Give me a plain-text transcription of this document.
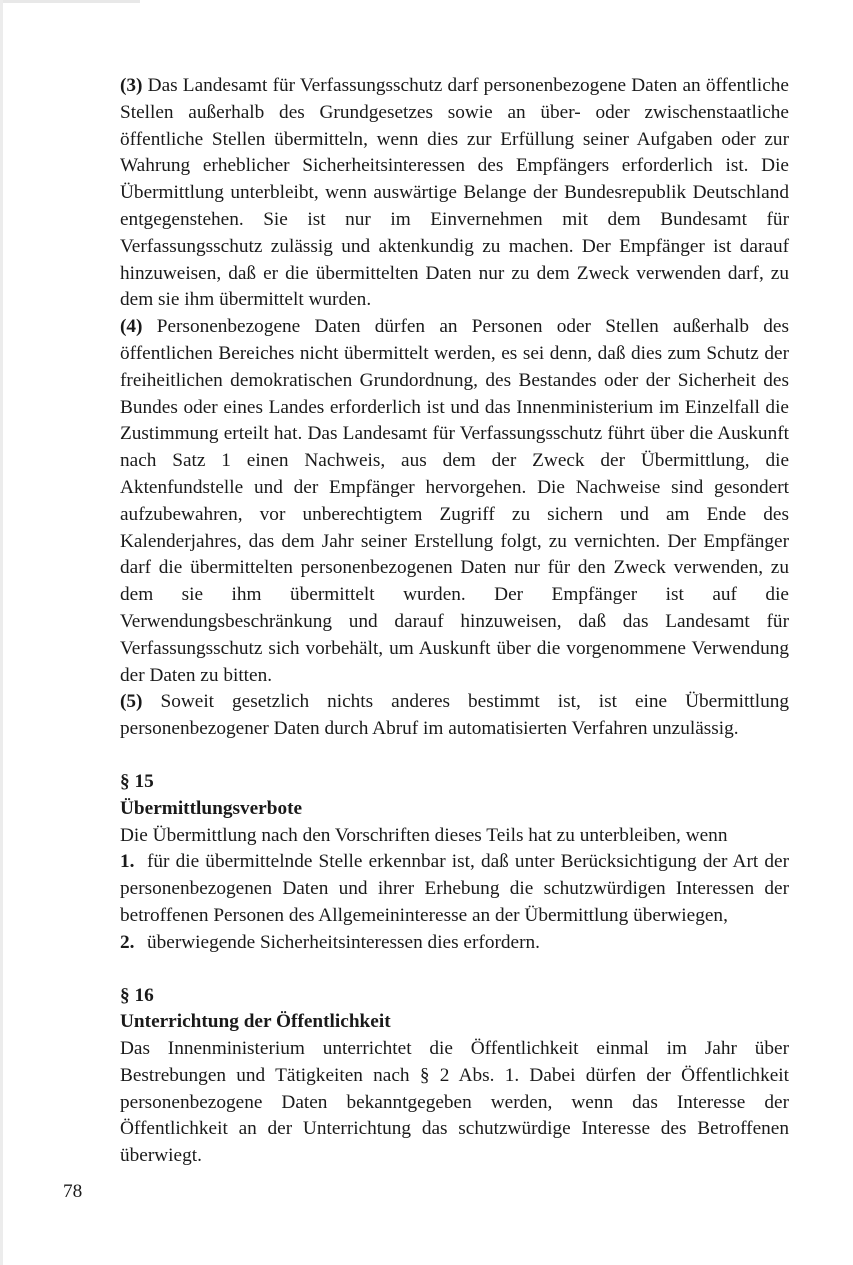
(3) Das Landesamt für Verfassungsschutz darf personenbezogene Daten an öffentliche Stellen außerhalb des Grundgesetzes sowie an über- oder zwischenstaatliche öffentliche Stellen übermitteln, wenn dies zur Erfüllung seiner Aufgaben oder zur Wahrung erheblicher Sicherheitsinteressen des Empfängers erforderlich ist. Die Übermittlung unterbleibt, wenn auswärtige Belange der Bundesrepublik Deutschland entgegenstehen. Sie ist nur im Einvernehmen mit dem Bundesamt für Verfassungsschutz zulässig und aktenkundig zu machen. Der Empfänger ist darauf hinzuweisen, daß er die übermittelten Daten nur zu dem Zweck verwenden darf, zu dem sie ihm übermittelt wurden.

(4) Personenbezogene Daten dürfen an Personen oder Stellen außerhalb des öffentlichen Bereiches nicht übermittelt werden, es sei denn, daß dies zum Schutz der freiheitlichen demokratischen Grundordnung, des Bestandes oder der Sicherheit des Bundes oder eines Landes erforderlich ist und das Innenministerium im Einzelfall die Zustimmung erteilt hat. Das Landesamt für Verfassungsschutz führt über die Auskunft nach Satz 1 einen Nachweis, aus dem der Zweck der Übermittlung, die Aktenfundstelle und der Empfänger hervorgehen. Die Nachweise sind gesondert aufzubewahren, vor unberechtigtem Zugriff zu sichern und am Ende des Kalenderjahres, das dem Jahr seiner Erstellung folgt, zu vernichten. Der Empfänger darf die übermittelten personenbezogenen Daten nur für den Zweck verwenden, zu dem sie ihm übermittelt wurden. Der Empfänger ist auf die Verwendungsbeschränkung und darauf hinzuweisen, daß das Landesamt für Verfassungsschutz sich vorbehält, um Auskunft über die vorgenommene Verwendung der Daten zu bitten.

(5) Soweit gesetzlich nichts anderes bestimmt ist, ist eine Übermittlung personenbezogener Daten durch Abruf im automatisierten Verfahren unzulässig.

§ 15

Übermittlungsverbote

Die Übermittlung nach den Vorschriften dieses Teils hat zu unterbleiben, wenn

1. für die übermittelnde Stelle erkennbar ist, daß unter Berücksichtigung der Art der personenbezogenen Daten und ihrer Erhebung die schutzwürdigen Interessen der betroffenen Personen des Allgemeininteresse an der Übermittlung überwiegen,

2. überwiegende Sicherheitsinteressen dies erfordern.

§ 16

Unterrichtung der Öffentlichkeit

Das Innenministerium unterrichtet die Öffentlichkeit einmal im Jahr über Bestrebungen und Tätigkeiten nach § 2 Abs. 1. Dabei dürfen der Öffentlichkeit personenbezogene Daten bekanntgegeben werden, wenn das Interesse der Öffentlichkeit an der Unterrichtung das schutzwürdige Interesse des Betroffenen überwiegt.

78
